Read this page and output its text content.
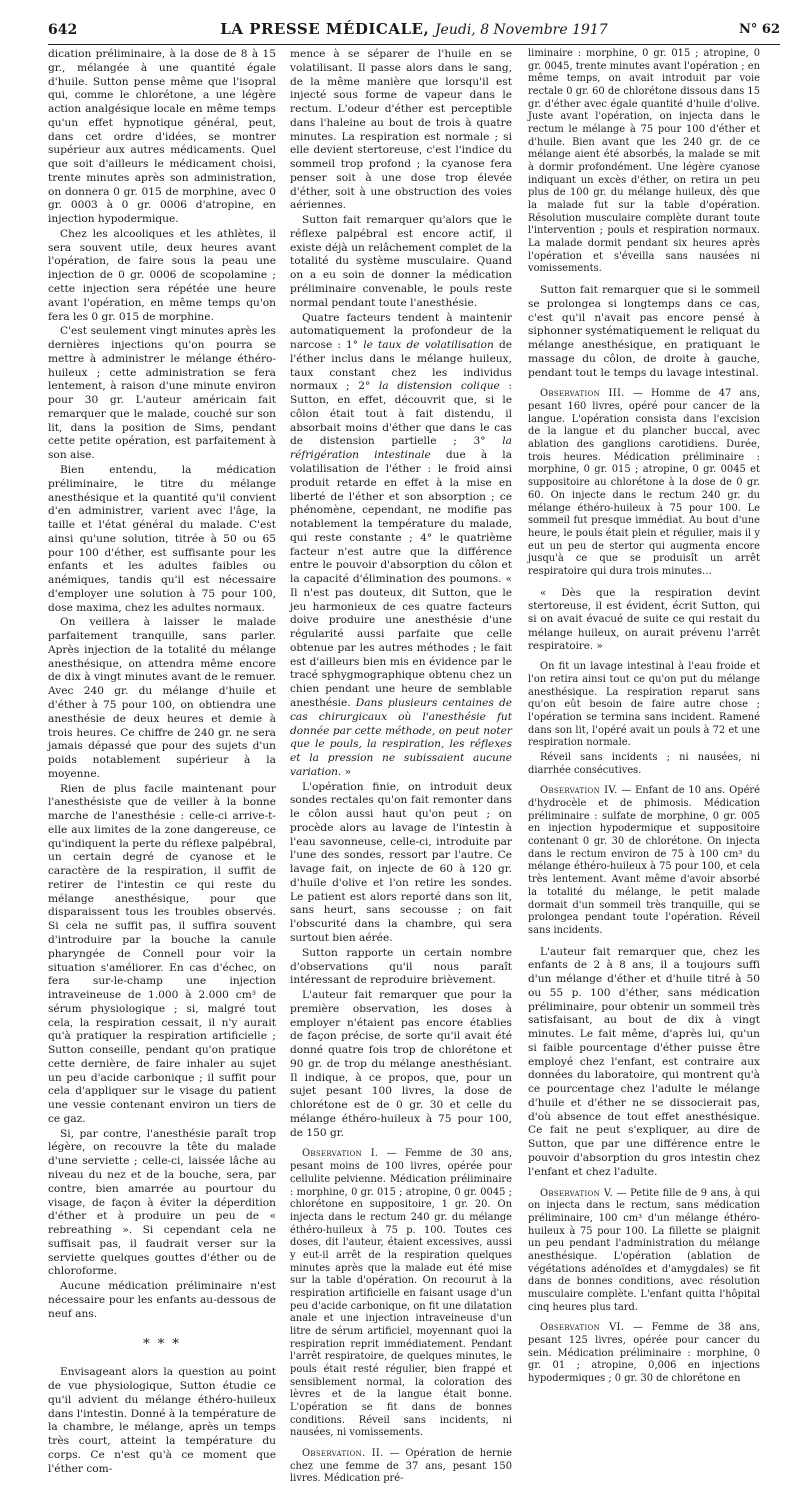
642	LA PRESSE MÉDICALE, Jeudi, 8 Novembre 1917	N° 62

dication préliminaire, à la dose de 8 à 15 gr., mélangée à une quantité égale d'huile. Sutton pense même que l'isopral qui, comme le chlorétone, a une légère action analgésique locale en même temps qu'un effet hypnotique général, peut, dans cet ordre d'idées, se montrer supérieur aux autres médicaments. Quel que soit d'ailleurs le médicament choisi, trente minutes après son administration, on donnera 0 gr. 015 de morphine, avec 0 gr. 0003 à 0 gr. 0006 d'atropine, en injection hypodermique.

Chez les alcooliques et les athlètes, il sera souvent utile, deux heures avant l'opération, de faire sous la peau une injection de 0 gr. 0006 de scopolamine ; cette injection sera répétée une heure avant l'opération, en même temps qu'on fera les 0 gr. 015 de morphine.

C'est seulement vingt minutes après les dernières injections qu'on pourra se mettre à administrer le mélange éthéro-huileux ; cette administration se fera lentement, à raison d'une minute environ pour 30 gr. L'auteur américain fait remarquer que le malade, couché sur son lit, dans la position de Sims, pendant cette petite opération, est parfaitement à son aise.

Bien entendu, la médication préliminaire, le titre du mélange anesthésique et la quantité qu'il convient d'en administrer, varient avec l'âge, la taille et l'état général du malade. C'est ainsi qu'une solution, titrée à 50 ou 65 pour 100 d'éther, est suffisante pour les enfants et les adultes faibles ou anémiques, tandis qu'il est nécessaire d'employer une solution à 75 pour 100, dose maxima, chez les adultes normaux.

On veillera à laisser le malade parfaitement tranquille, sans parler. Après injection de la totalité du mélange anesthésique, on attendra même encore de dix à vingt minutes avant de le remuer. Avec 240 gr. du mélange d'huile et d'éther à 75 pour 100, on obtiendra une anesthésie de deux heures et demie à trois heures. Ce chiffre de 240 gr. ne sera jamais dépassé que pour des sujets d'un poids notablement supérieur à la moyenne.

Rien de plus facile maintenant pour l'anesthésiste que de veiller à la bonne marche de l'anesthésie : celle-ci arrive-t-elle aux limites de la zone dangereuse, ce qu'indiquent la perte du réflexe palpébral, un certain degré de cyanose et le caractère de la respiration, il suffit de retirer de l'intestin ce qui reste du mélange anesthésique, pour que disparaissent tous les troubles observés. Si cela ne suffit pas, il suffira souvent d'introduire par la bouche la canule pharyngée de Connell pour voir la situation s'améliorer. En cas d'échec, on fera sur-le-champ une injection intraveineuse de 1.000 à 2.000 cm³ de sérum physiologique ; si, malgré tout cela, la respiration cessait, il n'y aurait qu'à pratiquer la respiration artificielle ; Sutton conseille, pendant qu'on pratique cette dernière, de faire inhaler au sujet un peu d'acide carbonique ; il suffit pour cela d'appliquer sur le visage du patient une vessie contenant environ un tiers de ce gaz.

Si, par contre, l'anesthésie paraît trop légère, on recouvre la tête du malade d'une serviette ; celle-ci, laissée lâche au niveau du nez et de la bouche, sera, par contre, bien amarrée au pourtour du visage, de façon à éviter la déperdition d'éther et à produire un peu de « rebreathing ». Si cependant cela ne suffisait pas, il faudrait verser sur la serviette quelques gouttes d'éther ou de chloroforme.

Aucune médication préliminaire n'est nécessaire pour les enfants au-dessous de neuf ans.

* * *

Envisageant alors la question au point de vue physiologique, Sutton étudie ce qu'il advient du mélange éthéro-huileux dans l'intestin. Donné à la température de la chambre, le mélange, après un temps très court, atteint la température du corps. Ce n'est qu'à ce moment que l'éther com-

mence à se séparer de l'huile en se volatilisant. Il passe alors dans le sang, de la même manière que lorsqu'il est injecté sous forme de vapeur dans le rectum. L'odeur d'éther est perceptible dans l'haleine au bout de trois à quatre minutes. La respiration est normale ; si elle devient stertoreuse, c'est l'indice du sommeil trop profond ; la cyanose fera penser soit à une dose trop élevée d'éther, soit à une obstruction des voies aériennes.

Sutton fait remarquer qu'alors que le réflexe palpébral est encore actif, il existe déjà un relâchement complet de la totalité du système musculaire. Quand on a eu soin de donner la médication préliminaire convenable, le pouls reste normal pendant toute l'anesthésie.

Quatre facteurs tendent à maintenir automatiquement la profondeur de la narcose : 1° le taux de volatilisation de l'éther inclus dans le mélange huileux, taux constant chez les individus normaux ; 2° la distension colique : Sutton, en effet, découvrit que, si le côlon était tout à fait distendu, il absorbait moins d'éther que dans le cas de distension partielle ; 3° la réfrigération intestinale due à la volatilisation de l'éther : le froid ainsi produit retarde en effet à la mise en liberté de l'éther et son absorption ; ce phénomène, cependant, ne modifie pas notablement la température du malade, qui reste constante ; 4° le quatrième facteur n'est autre que la différence entre le pouvoir d'absorption du côlon et la capacité d'élimination des poumons. « Il n'est pas douteux, dit Sutton, que le jeu harmonieux de ces quatre facteurs doive produire une anesthésie d'une régularité aussi parfaite que celle obtenue par les autres méthodes ; le fait est d'ailleurs bien mis en évidence par le tracé sphygmographique obtenu chez un chien pendant une heure de semblable anesthésie. Dans plusieurs centaines de cas chirurgicaux où l'anesthésie fut donnée par cette méthode, on peut noter que le pouls, la respiration, les réflexes et la pression ne subissaient aucune variation. »

L'opération finie, on introduit deux sondes rectales qu'on fait remonter dans le côlon aussi haut qu'on peut ; on procède alors au lavage de l'intestin à l'eau savonneuse, celle-ci, introduite par l'une des sondes, ressort par l'autre. Ce lavage fait, on injecte de 60 à 120 gr. d'huile d'olive et l'on retire les sondes. Le patient est alors reporté dans son lit, sans heurt, sans secousse ; on fait l'obscurité dans la chambre, qui sera surtout bien aérée.

Sutton rapporte un certain nombre d'observations qu'il nous paraît intéressant de reproduire brièvement.

L'auteur fait remarquer que pour la première observation, les doses à employer n'étaient pas encore établies de façon précise, de sorte qu'il avait été donné quatre fois trop de chlorétone et 90 gr. de trop du mélange anesthésiant. Il indique, à ce propos, que, pour un sujet pesant 100 livres, la dose de chlorétone est de 0 gr. 30 et celle du mélange éthéro-huileux à 75 pour 100, de 150 gr.

Observation I. — Femme de 30 ans, pesant moins de 100 livres, opérée pour cellulite pelvienne. Médication préliminaire : morphine, 0 gr. 015 ; atropine, 0 gr. 0045 ; chlorétone en suppositoire, 1 gr. 20. On injecta dans le rectum 240 gr. du mélange éthéro-huileux à 75 p. 100. Toutes ces doses, dit l'auteur, étaient excessives, aussi y eut-il arrêt de la respiration quelques minutes après que la malade eut été mise sur la table d'opération. On recourut à la respiration artificielle en faisant usage d'un peu d'acide carbonique, on fit une dilatation anale et une injection intraveineuse d'un litre de sérum artificiel, moyennant quoi la respiration reprit immédiatement. Pendant l'arrêt respiratoire, de quelques minutes, le pouls était resté régulier, bien frappé et sensiblement normal, la coloration des lèvres et de la langue était bonne. L'opération se fit dans de bonnes conditions. Réveil sans incidents, ni nausées, ni vomissements.

Observation. II. — Opération de hernie chez une femme de 37 ans, pesant 150 livres. Médication pré-

liminaire : morphine, 0 gr. 015 ; atropine, 0 gr. 0045, trente minutes avant l'opération ; en même temps, on avait introduit par voie rectale 0 gr. 60 de chlorétone dissous dans 15 gr. d'éther avec égale quantité d'huile d'olive. Juste avant l'opération, on injecta dans le rectum le mélange à 75 pour 100 d'éther et d'huile. Bien avant que les 240 gr. de ce mélange aient été absorbés, la malade se mit à dormir profondément. Une légère cyanose indiquant un excès d'éther, on retira un peu plus de 100 gr. du mélange huileux, dès que la malade fut sur la table d'opération. Résolution musculaire complète durant toute l'intervention ; pouls et respiration normaux. La malade dormit pendant six heures après l'opération et s'éveilla sans nausées ni vomissements.

Sutton fait remarquer que si le sommeil se prolongea si longtemps dans ce cas, c'est qu'il n'avait pas encore pensé à siphonner systématiquement le reliquat du mélange anesthésique, en pratiquant le massage du côlon, de droite à gauche, pendant tout le temps du lavage intestinal.

Observation III. — Homme de 47 ans, pesant 160 livres, opéré pour cancer de la langue. L'opération consista dans l'excision de la langue et du plancher buccal, avec ablation des ganglions carotidiens. Durée, trois heures. Médication préliminaire : morphine, 0 gr. 015 ; atropine, 0 gr. 0045 et suppositoire au chlorétone à la dose de 0 gr. 60. On injecte dans le rectum 240 gr. du mélange éthéro-huileux à 75 pour 100. Le sommeil fut presque immédiat. Au bout d'une heure, le pouls était plein et régulier, mais il y eut un peu de stertor qui augmenta encore jusqu'à ce que se produisît un arrêt respiratoire qui dura trois minutes…

« Dès que la respiration devint stertoreuse, il est évident, écrit Sutton, qui si on avait évacué de suite ce qui restait du mélange huileux, on aurait prévenu l'arrêt respiratoire. »

On fit un lavage intestinal à l'eau froide et l'on retira ainsi tout ce qu'on put du mélange anesthésique. La respiration reparut sans qu'on eût besoin de faire autre chose ; l'opération se termina sans incident. Ramené dans son lit, l'opéré avait un pouls à 72 et une respiration normale.

Réveil sans incidents ; ni nausées, ni diarrhée consécutives.

Observation IV. — Enfant de 10 ans. Opéré d'hydrocèle et de phimosis. Médication préliminaire : sulfate de morphine, 0 gr. 005 en injection hypodermique et suppositoire contenant 0 gr. 30 de chlorétone. On injecta dans le rectum environ de 75 à 100 cm³ du mélange éthéro-huileux à 75 pour 100, et cela très lentement. Avant même d'avoir absorbé la totalité du mélange, le petit malade dormait d'un sommeil très tranquille, qui se prolongea pendant toute l'opération. Réveil sans incidents.

L'auteur fait remarquer que, chez les enfants de 2 à 8 ans, il a toujours suffi d'un mélange d'éther et d'huile titré à 50 ou 55 p. 100 d'éther, sans médication préliminaire, pour obtenir un sommeil très satisfaisant, au bout de dix à vingt minutes. Le fait même, d'après lui, qu'un si faible pourcentage d'éther puisse être employé chez l'enfant, est contraire aux données du laboratoire, qui montrent qu'à ce pourcentage chez l'adulte le mélange d'huile et d'éther ne se dissocierait pas, d'où absence de tout effet anesthésique. Ce fait ne peut s'expliquer, au dire de Sutton, que par une différence entre le pouvoir d'absorption du gros intestin chez l'enfant et chez l'adulte.

Observation V. — Petite fille de 9 ans, à qui on injecta dans le rectum, sans médication préliminaire, 100 cm³ d'un mélange éthéro-huileux à 75 pour 100. La fillette se plaignit un peu pendant l'administration du mélange anesthésique. L'opération (ablation de végétations adénoïdes et d'amygdales) se fit dans de bonnes conditions, avec résolution musculaire complète. L'enfant quitta l'hôpital cinq heures plus tard.

Observation VI. — Femme de 38 ans, pesant 125 livres, opérée pour cancer du sein. Médication préliminaire : morphine, 0 gr. 01 ; atropine, 0,006 en injections hypodermiques ; 0 gr. 30 de chlorétone en
